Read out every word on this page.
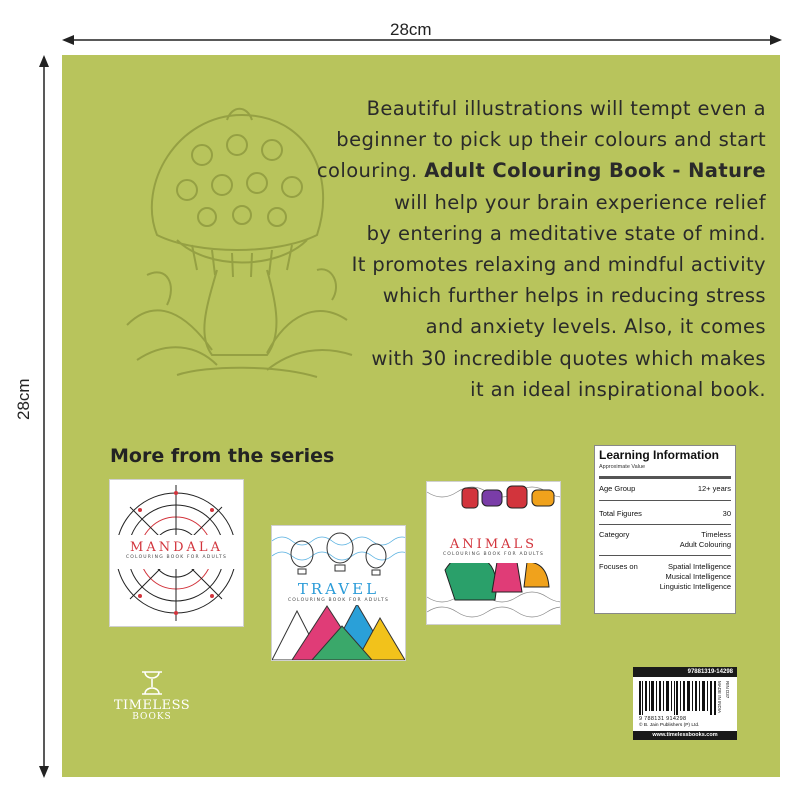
28cm
28cm
Beautiful illustrations will tempt even a
beginner to pick up their colours and start
colouring. Adult Colouring Book - Nature
will help your brain experience relief
by entering a meditative state of mind.
It promotes relaxing and mindful activity
which further helps in reducing stress
and anxiety levels. Also, it comes
with 30 incredible quotes which makes
it an ideal inspirational book.
More from the series
MANDALA
COLOURING BOOK FOR ADULTS
TRAVEL
COLOURING BOOK FOR ADULTS
ANIMALS
COLOURING BOOK FOR ADULTS
Learning Information
Approximate Value
Age Group	12+ years
Total Figures	30
Category	Timeless
Adult Colouring
Focuses on	Spatial Intelligence
Musical Intelligence
Linguistic Intelligence
97881319-14298
9 788131 914298
© B. Jain Publishers (P) Ltd.
MADE IN INDIA RIN D37
www.timelessbooks.com
TIMELESS
BOOKS
